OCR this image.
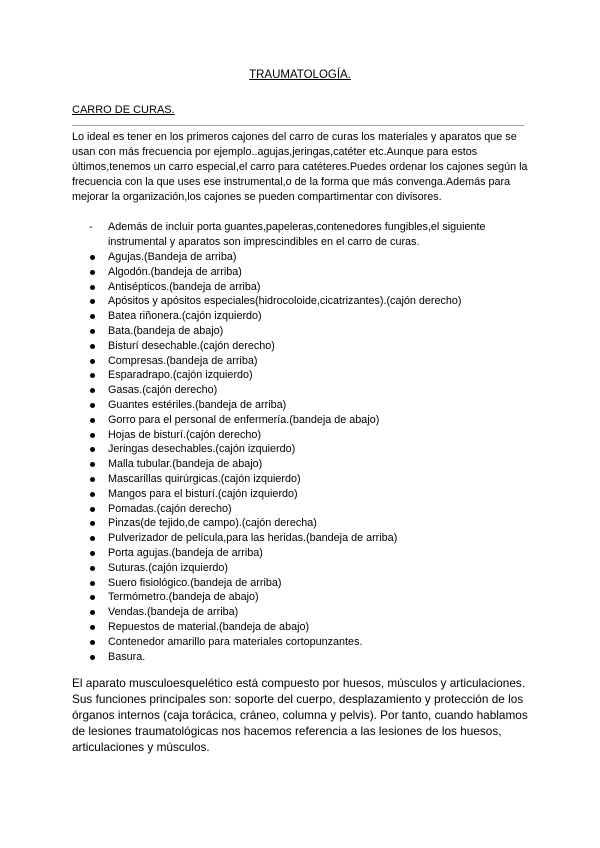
TRAUMATOLOGÍA.
CARRO DE CURAS.

Lo ideal es tener en los primeros cajones del carro de curas los materiales y aparatos que se usan con más frecuencia por ejemplo..agujas,jeringas,catéter etc.Aunque para estos últimos,tenemos un carro especial,el carro para catéteres.Puedes ordenar los cajones según la frecuencia con la que uses ese instrumental,o de la forma que más convenga.Además para mejorar la organización,los cajones se pueden compartimentar con divisores.

- Además de incluir porta guantes,papeleras,contenedores fungibles,el siguiente instrumental y aparatos son imprescindibles en el carro de curas.
Agujas.(Bandeja de arriba)
Algodón.(bandeja de arriba)
Antisépticos.(bandeja de arriba)
Apósitos y apósitos especiales(hidrocoloide,cicatrizantes).(cajón derecho)
Batea riñonera.(cajón izquierdo)
Bata.(bandeja de abajo)
Bisturí desechable.(cajón derecho)
Compresas.(bandeja de arriba)
Esparadrapo.(cajón izquierdo)
Gasas.(cajón derecho)
Guantes estériles.(bandeja de arriba)
Gorro para el personal de enfermería.(bandeja de abajo)
Hojas de bisturí.(cajón derecho)
Jeringas desechables.(cajón izquierdo)
Malla tubular.(bandeja de abajo)
Mascarillas quirúrgicas.(cajón izquierdo)
Mangos para el bisturí.(cajón izquierdo)
Pomadas.(cajón derecho)
Pinzas(de tejido,de campo).(cajón derecha)
Pulverizador de película,para las heridas.(bandeja de arriba)
Porta agujas.(bandeja de arriba)
Suturas.(cajón izquierdo)
Suero fisiológico.(bandeja de arriba)
Termómetro.(bandeja de abajo)
Vendas.(bandeja de arriba)
Repuestos de material.(bandeja de abajo)
Contenedor amarillo para materiales cortopunzantes.
Basura.

El aparato musculoesquelético está compuesto por huesos, músculos y articulaciones. Sus funciones principales son: soporte del cuerpo, desplazamiento y protección de los órganos internos (caja torácica, cráneo, columna y pelvis). Por tanto, cuando hablamos de lesiones traumatológicas nos hacemos referencia a las lesiones de los huesos, articulaciones y músculos.
